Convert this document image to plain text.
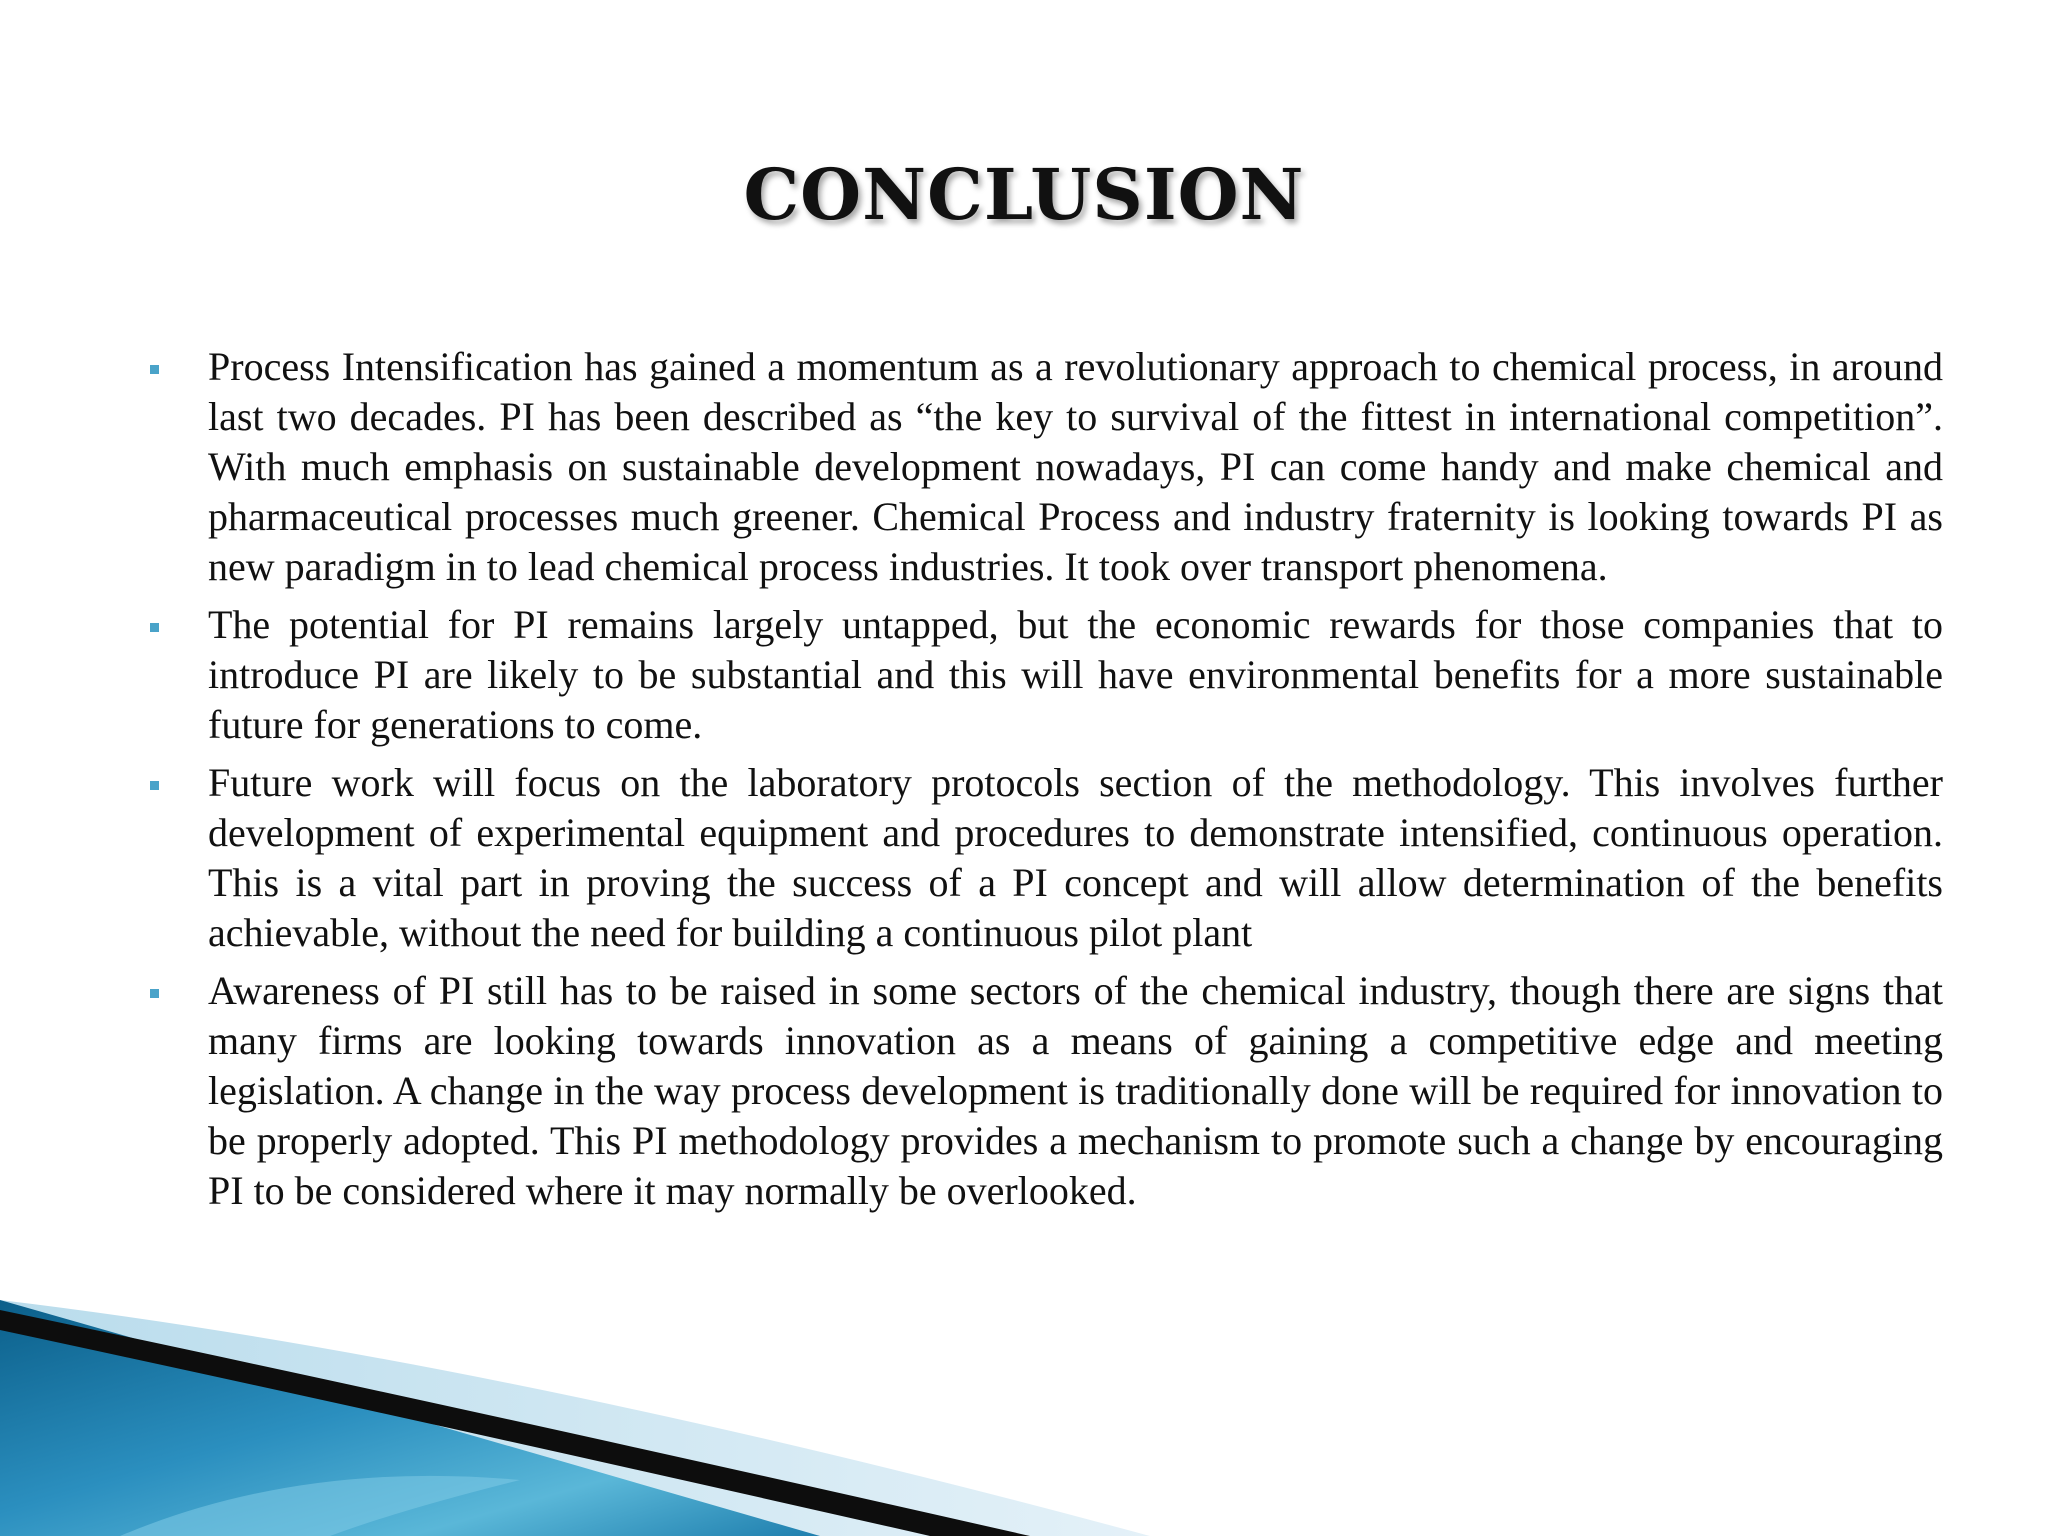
CONCLUSION

Process Intensification has gained a momentum as a revolutionary approach to chemical process, in around last two decades. PI has been described as “the key to survival of the fittest in international competition”. With much emphasis on sustainable development nowadays, PI can come handy and make chemical and pharmaceutical processes much greener. Chemical Process and industry fraternity is looking towards PI as new paradigm in to lead chemical process industries. It took over transport phenomena.

The potential for PI remains largely untapped, but the economic rewards for those companies that to introduce PI are likely to be substantial and this will have environmental benefits for a more sustainable future for generations to come.

Future work will focus on the laboratory protocols section of the methodology. This involves further development of experimental equipment and procedures to demonstrate intensified, continuous operation. This is a vital part in proving the success of a PI concept and will allow determination of the benefits achievable, without the need for building a continuous pilot plant

Awareness of PI still has to be raised in some sectors of the chemical industry, though there are signs that many firms are looking towards innovation as a means of gaining a competitive edge and meeting legislation. A change in the way process development is traditionally done will be required for innovation to be properly adopted. This PI methodology provides a mechanism to promote such a change by encouraging PI to be considered where it may normally be overlooked.
